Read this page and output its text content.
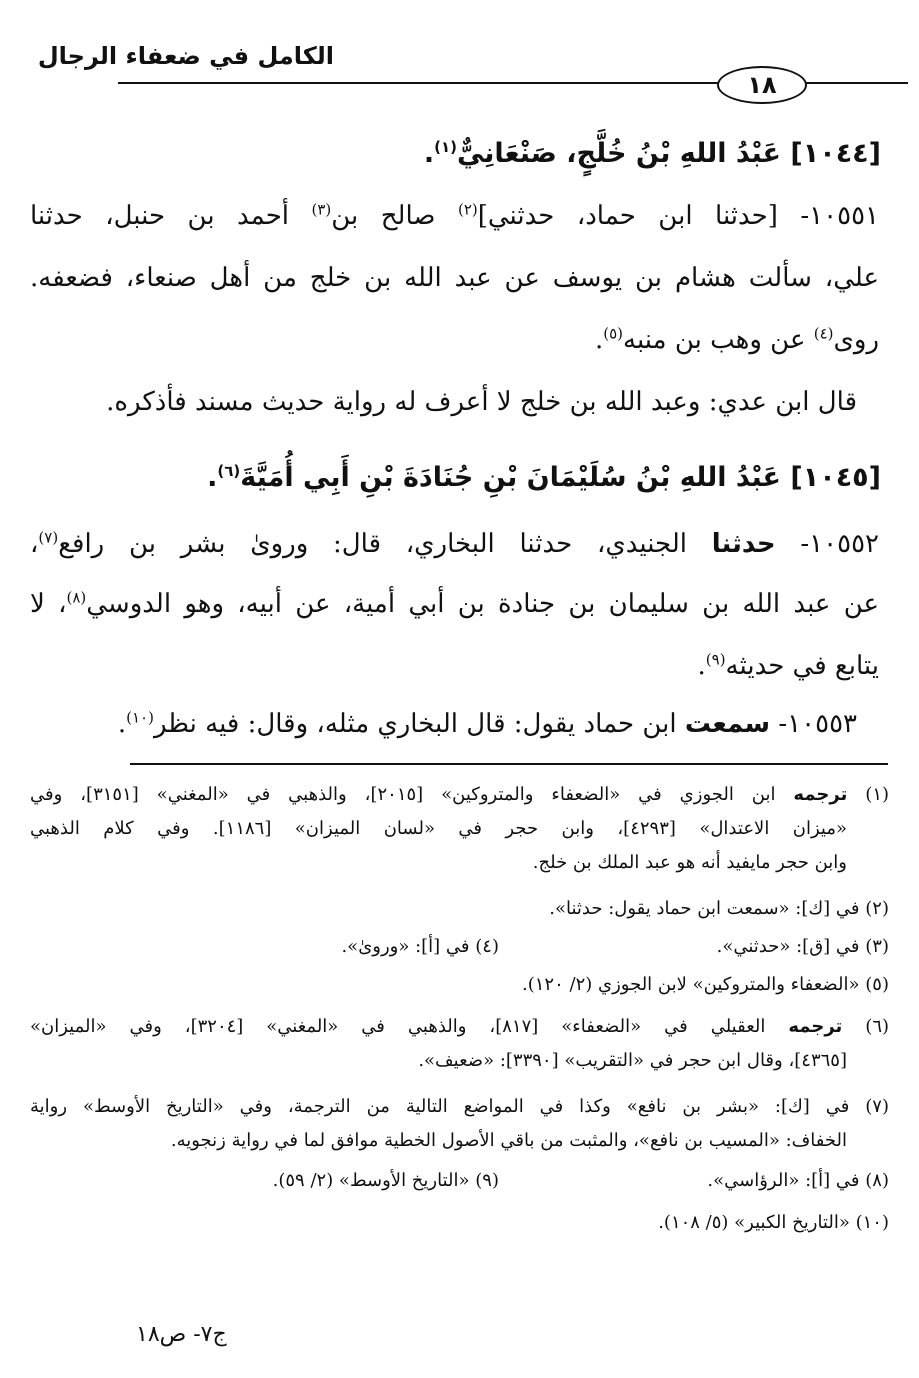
الكامل في ضعفاء الرجال
١٨
[١٠٤٤] عَبْدُ اللهِ بْنُ خُلَّجٍ، صَنْعَانِيٌّ$^{(١)}$.
١٠٥٥١- [حدثنا ابن حماد، حدثني]$^{(٢)}$ صالح بن$^{(٣)}$ أحمد بن حنبل، حدثنا
علي، سألت هشام بن يوسف عن عبد الله بن خلج من أهل صنعاء، فضعفه.
روى$^{(٤)}$ عن وهب بن منبه$^{(٥)}$.
قال ابن عدي: وعبد الله بن خلج لا أعرف له رواية حديث مسند فأذكره.
[١٠٤٥] عَبْدُ اللهِ بْنُ سُلَيْمَانَ بْنِ جُنَادَةَ بْنِ أَبِي أُمَيَّةَ$^{(٦)}$.
١٠٥٥٢- حدثنا الجنيدي، حدثنا البخاري، قال: وروىٰ بشر بن رافع$^{(٧)}$،
عن عبد الله بن سليمان بن جنادة بن أبي أمية، عن أبيه، وهو الدوسي$^{(٨)}$، لا
يتابع في حديثه$^{(٩)}$.
١٠٥٥٣- سمعت ابن حماد يقول: قال البخاري مثله، وقال: فيه نظر$^{(١٠)}$.
(١) ترجمه ابن الجوزي في «الضعفاء والمتروكين» [٢٠١٥]، والذهبي في «المغني» [٣١٥١]، وفي
«ميزان الاعتدال» [٤٢٩٣]، وابن حجر في «لسان الميزان» [١١٨٦]. وفي كلام الذهبي
وابن حجر مايفيد أنه هو عبد الملك بن خلج.
(٢) في [ك]: «سمعت ابن حماد يقول: حدثنا».
(٣) في [ق]: «حدثني».
(٤) في [أ]: «وروىٰ».
(٥) «الضعفاء والمتروكين» لابن الجوزي (٢/ ١٢٠).
(٦) ترجمه العقيلي في «الضعفاء» [٨١٧]، والذهبي في «المغني» [٣٢٠٤]، وفي «الميزان»
[٤٣٦٥]، وقال ابن حجر في «التقريب» [٣٣٩٠]: «ضعيف».
(٧) في [ك]: «بشر بن نافع» وكذا في المواضع التالية من الترجمة، وفي «التاريخ الأوسط» رواية
الخفاف: «المسيب بن نافع»، والمثبت من باقي الأصول الخطية موافق لما في رواية زنجويه.
(٨) في [أ]: «الرؤاسي».
(٩) «التاريخ الأوسط» (٢/ ٥٩).
(١٠) «التاريخ الكبير» (٥/ ١٠٨).
ج٧- ص١٨
